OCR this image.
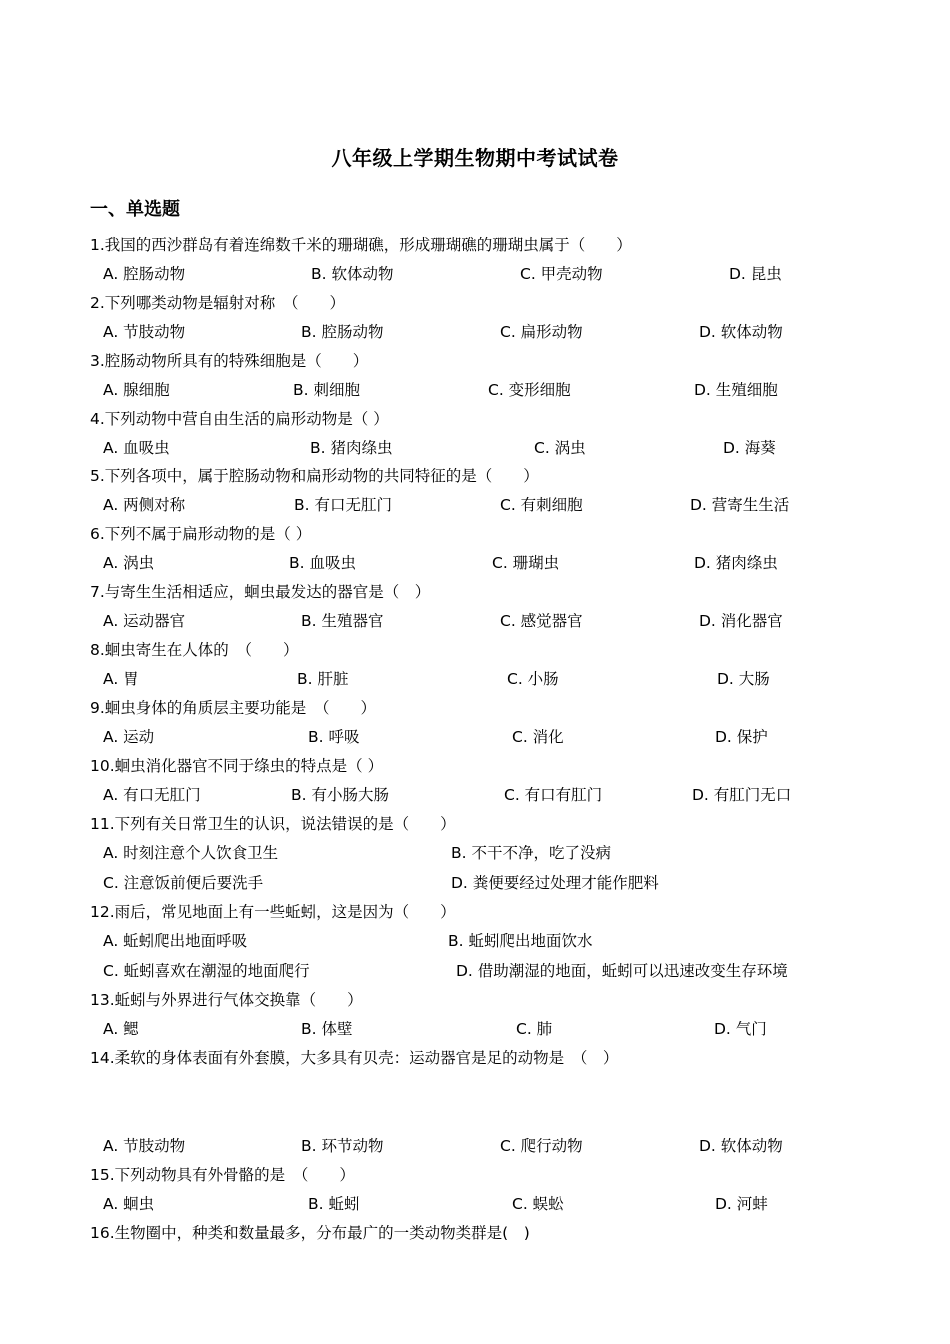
八年级上学期生物期中考试试卷
一、单选题
1.我国的西沙群岛有着连绵数千米的珊瑚礁，形成珊瑚礁的珊瑚虫属于（　　）
A. 腔肠动物	B. 软体动物	C. 甲壳动物	D. 昆虫
2.下列哪类动物是辐射对称　（　　）
A. 节肢动物	B. 腔肠动物	C. 扁形动物	D. 软体动物
3.腔肠动物所具有的特殊细胞是（　　）
A. 腺细胞	B. 刺细胞	C. 变形细胞	D. 生殖细胞
4.下列动物中营自由生活的扁形动物是（ ）
A. 血吸虫	B. 猪肉绦虫	C. 涡虫	D. 海葵
5.下列各项中，属于腔肠动物和扁形动物的共同特征的是（　　）
A. 两侧对称	B. 有口无肛门	C. 有刺细胞	D. 营寄生生活
6.下列不属于扁形动物的是（ ）
A. 涡虫	B. 血吸虫	C. 珊瑚虫	D. 猪肉绦虫
7.与寄生生活相适应，蛔虫最发达的器官是（　）
A. 运动器官	B. 生殖器官	C. 感觉器官	D. 消化器官
8.蛔虫寄生在人体的　（　　）
A. 胃	B. 肝脏	C. 小肠	D. 大肠
9.蛔虫身体的角质层主要功能是　（　　）
A. 运动	B. 呼吸	C. 消化	D. 保护
10.蛔虫消化器官不同于绦虫的特点是（ ）
A. 有口无肛门	B. 有小肠大肠	C. 有口有肛门	D. 有肛门无口
11.下列有关日常卫生的认识，说法错误的是（　　）
A. 时刻注意个人饮食卫生	B. 不干不净，吃了没病
C. 注意饭前便后要洗手	D. 粪便要经过处理才能作肥料
12.雨后，常见地面上有一些蚯蚓，这是因为（　　）
A. 蚯蚓爬出地面呼吸	B. 蚯蚓爬出地面饮水
C. 蚯蚓喜欢在潮湿的地面爬行	D. 借助潮湿的地面，蚯蚓可以迅速改变生存环境
13.蚯蚓与外界进行气体交换靠（　　）
A. 鳃	B. 体壁	C. 肺	D. 气门
14.柔软的身体表面有外套膜，大多具有贝壳：运动器官是足的动物是　（　）
A. 节肢动物	B. 环节动物	C. 爬行动物	D. 软体动物
15.下列动物具有外骨骼的是　（　　）
A. 蛔虫	B. 蚯蚓	C. 蜈蚣	D. 河蚌
16.生物圈中，种类和数量最多，分布最广的一类动物类群是(　)
